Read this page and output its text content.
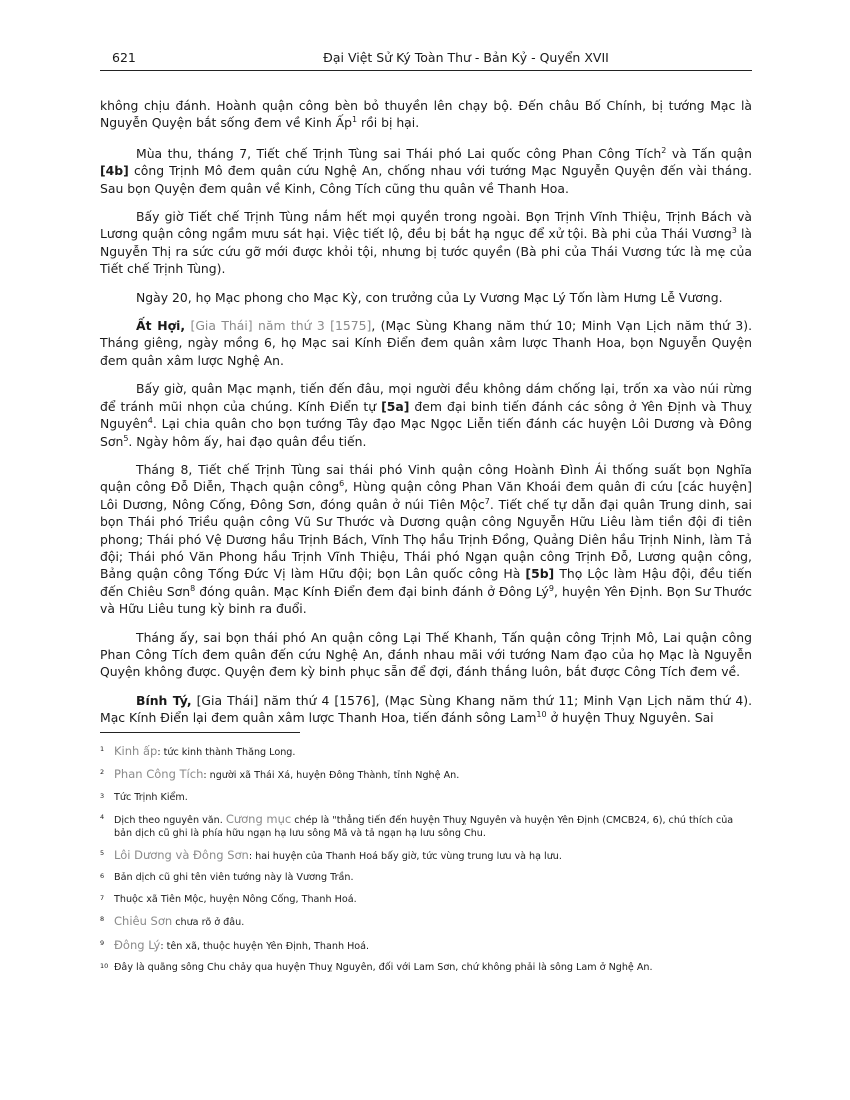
621	Đại Việt Sử Ký Toàn Thư - Bản Kỷ - Quyển XVII

không chịu đánh. Hoành quận công bèn bỏ thuyền lên chạy bộ. Đến châu Bố Chính, bị tướng Mạc là Nguyễn Quyện bắt sống đem về Kinh Ấp$^1$ rồi bị hại.

Mùa thu, tháng 7, Tiết chế Trịnh Tùng sai Thái phó Lai quốc công Phan Công Tích$^2$ và Tấn quận [4b] công Trịnh Mô đem quân cứu Nghệ An, chống nhau với tướng Mạc Nguyễn Quyện đến vài tháng. Sau bọn Quyện đem quân về Kinh, Công Tích cũng thu quân về Thanh Hoa.

Bấy giờ Tiết chế Trịnh Tùng nắm hết mọi quyền trong ngoài. Bọn Trịnh Vĩnh Thiệu, Trịnh Bách và Lương quận công ngầm mưu sát hại. Việc tiết lộ, đều bị bắt hạ ngục để xử tội. Bà phi của Thái Vương$^3$ là Nguyễn Thị ra sức cứu gỡ mới được khỏi tội, nhưng bị tước quyền (Bà phi của Thái Vương tức là mẹ của Tiết chế Trịnh Tùng).

Ngày 20, họ Mạc phong cho Mạc Kỳ, con trưởng của Ly Vương Mạc Lý Tốn làm Hưng Lễ Vương.

Ất Hợi, [Gia Thái] năm thứ 3 [1575], (Mạc Sùng Khang năm thứ 10; Minh Vạn Lịch năm thứ 3). Tháng giêng, ngày mồng 6, họ Mạc sai Kính Điển đem quân xâm lược Thanh Hoa, bọn Nguyễn Quyện đem quân xâm lược Nghệ An.

Bấy giờ, quân Mạc mạnh, tiến đến đâu, mọi người đều không dám chống lại, trốn xa vào núi rừng để tránh mũi nhọn của chúng. Kính Điển tự [5a] đem đại binh tiến đánh các sông ở Yên Định và Thuỵ Nguyên$^4$. Lại chia quân cho bọn tướng Tây đạo Mạc Ngọc Liễn tiến đánh các huyện Lôi Dương và Đông Sơn$^5$. Ngày hôm ấy, hai đạo quân đều tiến.

Tháng 8, Tiết chế Trịnh Tùng sai thái phó Vinh quận công Hoành Đình Ái thống suất bọn Nghĩa quận công Đỗ Diễn, Thạch quận công$^6$, Hùng quận công Phan Văn Khoái đem quân đi cứu [các huyện] Lôi Dương, Nông Cống, Đông Sơn, đóng quân ở núi Tiên Mộc$^7$. Tiết chế tự dẫn đại quân Trung dinh, sai bọn Thái phó Triều quận công Vũ Sư Thước và Dương quận công Nguyễn Hữu Liêu làm tiền đội đi tiên phong; Thái phó Vệ Dương hầu Trịnh Bách, Vĩnh Thọ hầu Trịnh Đồng, Quảng Diên hầu Trịnh Ninh, làm Tả đội; Thái phó Văn Phong hầu Trịnh Vĩnh Thiệu, Thái phó Ngạn quận công Trịnh Đỗ, Lương quận công, Bảng quận công Tống Đức Vị làm Hữu đội; bọn Lân quốc công Hà [5b] Thọ Lộc làm Hậu đội, đều tiến đến Chiêu Sơn$^8$ đóng quân. Mạc Kính Điển đem đại binh đánh ở Đông $Lý^9$, huyện Yên Định. Bọn Sư Thước và Hữu Liêu tung kỳ binh ra đuổi.

Tháng ấy, sai bọn thái phó An quận công Lại Thế Khanh, Tấn quận công Trịnh Mô, Lai quận công Phan Công Tích đem quân đến cứu Nghệ An, đánh nhau mãi với tướng Nam đạo của họ Mạc là Nguyễn Quyện không được. Quyện đem kỳ binh phục sẵn để đợi, đánh thắng luôn, bắt được Công Tích đem về.

Bính Tý, [Gia Thái] năm thứ 4 [1576], (Mạc Sùng Khang năm thứ 11; Minh Vạn Lịch năm thứ 4). Mạc Kính Điển lại đem quân xâm lược Thanh Hoa, tiến đánh sông Lam$^{10}$ ở huyện Thuỵ Nguyên. Sai

1 Kinh ấp: tức kinh thành Thăng Long.
2 Phan Công Tích: người xã Thái Xá, huyện Đông Thành, tỉnh Nghệ An.
3 Tức Trịnh Kiểm.
4 Dịch theo nguyên văn. Cương mục chép là "thẳng tiến đến huyện Thuỵ Nguyên và huyện Yên Định (CMCB24, 6), chú thích của bản dịch cũ ghi là phía hữu ngạn hạ lưu sông Mã và tả ngạn hạ lưu sông Chu.
5 Lôi Dương và Đông Sơn: hai huyện của Thanh Hoá bấy giờ, tức vùng trung lưu và hạ lưu.
6 Bản dịch cũ ghi tên viên tướng này là Vương Trần.
7 Thuộc xã Tiên Mộc, huyện Nông Cống, Thanh Hoá.
8 Chiêu Sơn chưa rõ ở đâu.
9 Đông Lý: tên xã, thuộc huyện Yên Định, Thanh Hoá.
10 Đây là quãng sông Chu chảy qua huyện Thuỵ Nguyên, đối với Lam Sơn, chứ không phải là sông Lam ở Nghệ An.
